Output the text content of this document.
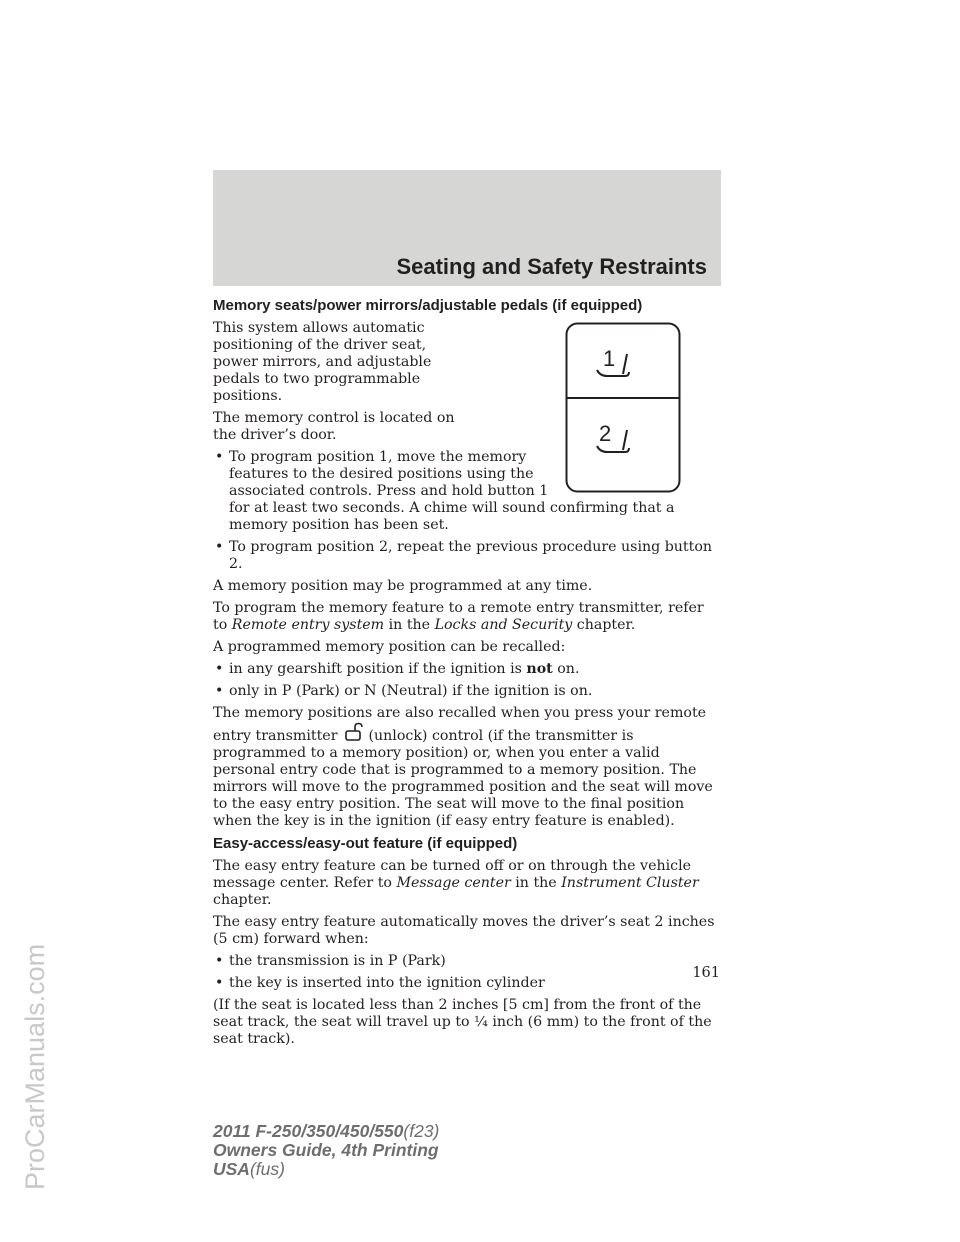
Seating and Safety Restraints
Memory seats/power mirrors/adjustable pedals (if equipped)
1
2
This system allows automatic positioning of the driver seat, power mirrors, and adjustable pedals to two programmable positions.
The memory control is located on the driver’s door.
• To program position 1, move the memory features to the desired positions using the associated controls. Press and hold button 1 for at least two seconds. A chime will sound confirming that a memory position has been set.
• To program position 2, repeat the previous procedure using button 2.
A memory position may be programmed at any time.
To program the memory feature to a remote entry transmitter, refer to Remote entry system in the Locks and Security chapter.
A programmed memory position can be recalled:
• in any gearshift position if the ignition is not on.
• only in P (Park) or N (Neutral) if the ignition is on.
The memory positions are also recalled when you press your remote entry transmitter  (unlock) control (if the transmitter is programmed to a memory position) or, when you enter a valid personal entry code that is programmed to a memory position. The mirrors will move to the programmed position and the seat will move to the easy entry position. The seat will move to the final position when the key is in the ignition (if easy entry feature is enabled).
Easy-access/easy-out feature (if equipped)
The easy entry feature can be turned off or on through the vehicle message center. Refer to Message center in the Instrument Cluster chapter.
The easy entry feature automatically moves the driver’s seat 2 inches (5 cm) forward when:
• the transmission is in P (Park)
• the key is inserted into the ignition cylinder
(If the seat is located less than 2 inches [5 cm] from the front of the seat track, the seat will travel up to ¼ inch (6 mm) to the front of the seat track).
161
2011 F-250/350/450/550(f23)
Owners Guide, 4th Printing
USA(fus)
ProCarManuals.com
